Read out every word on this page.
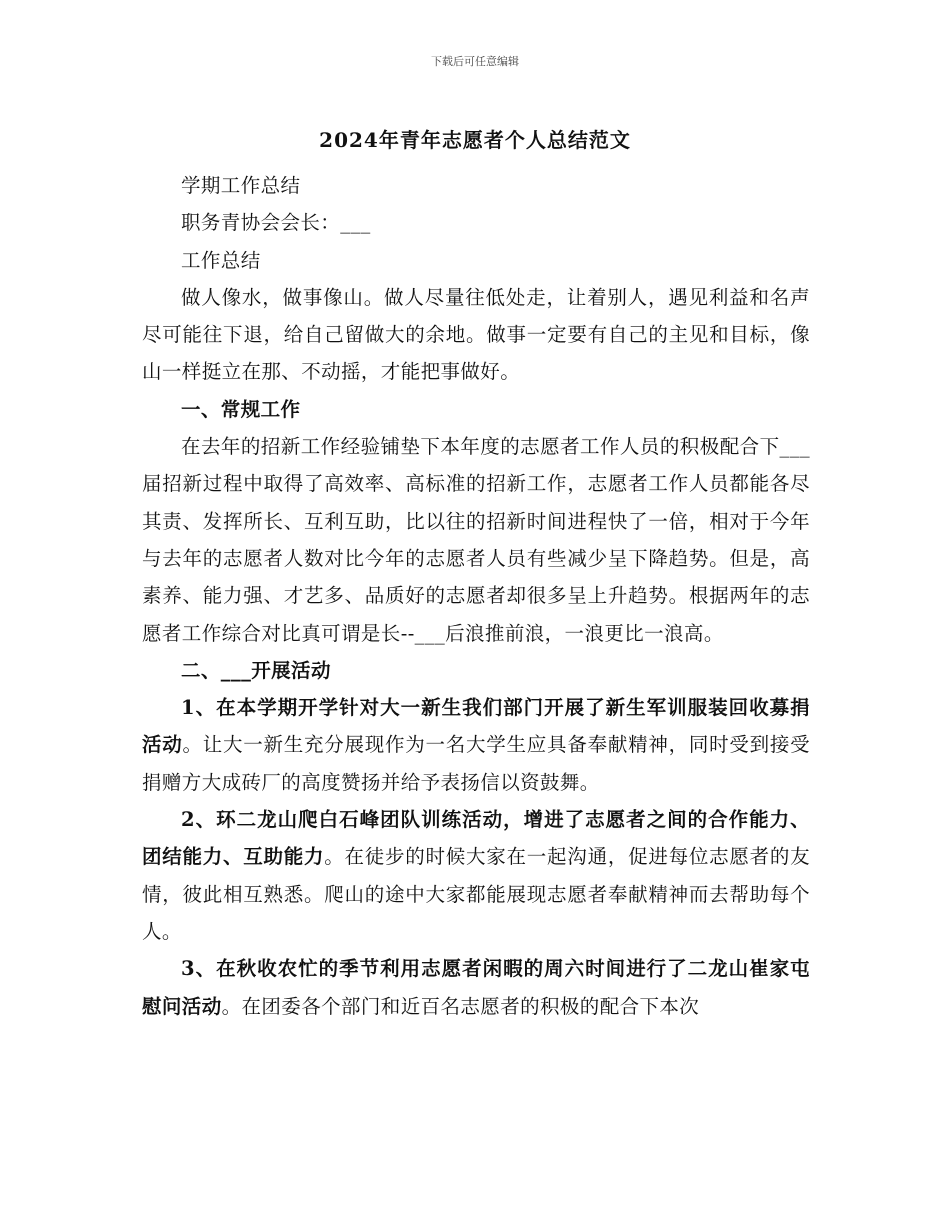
下载后可任意编辑
2024年青年志愿者个人总结范文

学期工作总结

职务青协会会长：___

工作总结

做人像水，做事像山。做人尽量往低处走，让着别人，遇见利益和名声尽可能往下退，给自己留做大的余地。做事一定要有自己的主见和目标，像山一样挺立在那、不动摇，才能把事做好。

一、常规工作

在去年的招新工作经验铺垫下本年度的志愿者工作人员的积极配合下___届招新过程中取得了高效率、高标准的招新工作，志愿者工作人员都能各尽其责、发挥所长、互利互助，比以往的招新时间进程快了一倍，相对于今年与去年的志愿者人数对比今年的志愿者人员有些减少呈下降趋势。但是，高素养、能力强、才艺多、品质好的志愿者却很多呈上升趋势。根据两年的志愿者工作综合对比真可谓是长--___后浪推前浪，一浪更比一浪高。

二、___开展活动

1、在本学期开学针对大一新生我们部门开展了新生军训服装回收募捐活动。让大一新生充分展现作为一名大学生应具备奉献精神，同时受到接受捐赠方大成砖厂的高度赞扬并给予表扬信以资鼓舞。

2、环二龙山爬白石峰团队训练活动，增进了志愿者之间的合作能力、团结能力、互助能力。在徒步的时候大家在一起沟通，促进每位志愿者的友情，彼此相互熟悉。爬山的途中大家都能展现志愿者奉献精神而去帮助每个人。

3、在秋收农忙的季节利用志愿者闲暇的周六时间进行了二龙山崔家屯慰问活动。在团委各个部门和近百名志愿者的积极的配合下本次
